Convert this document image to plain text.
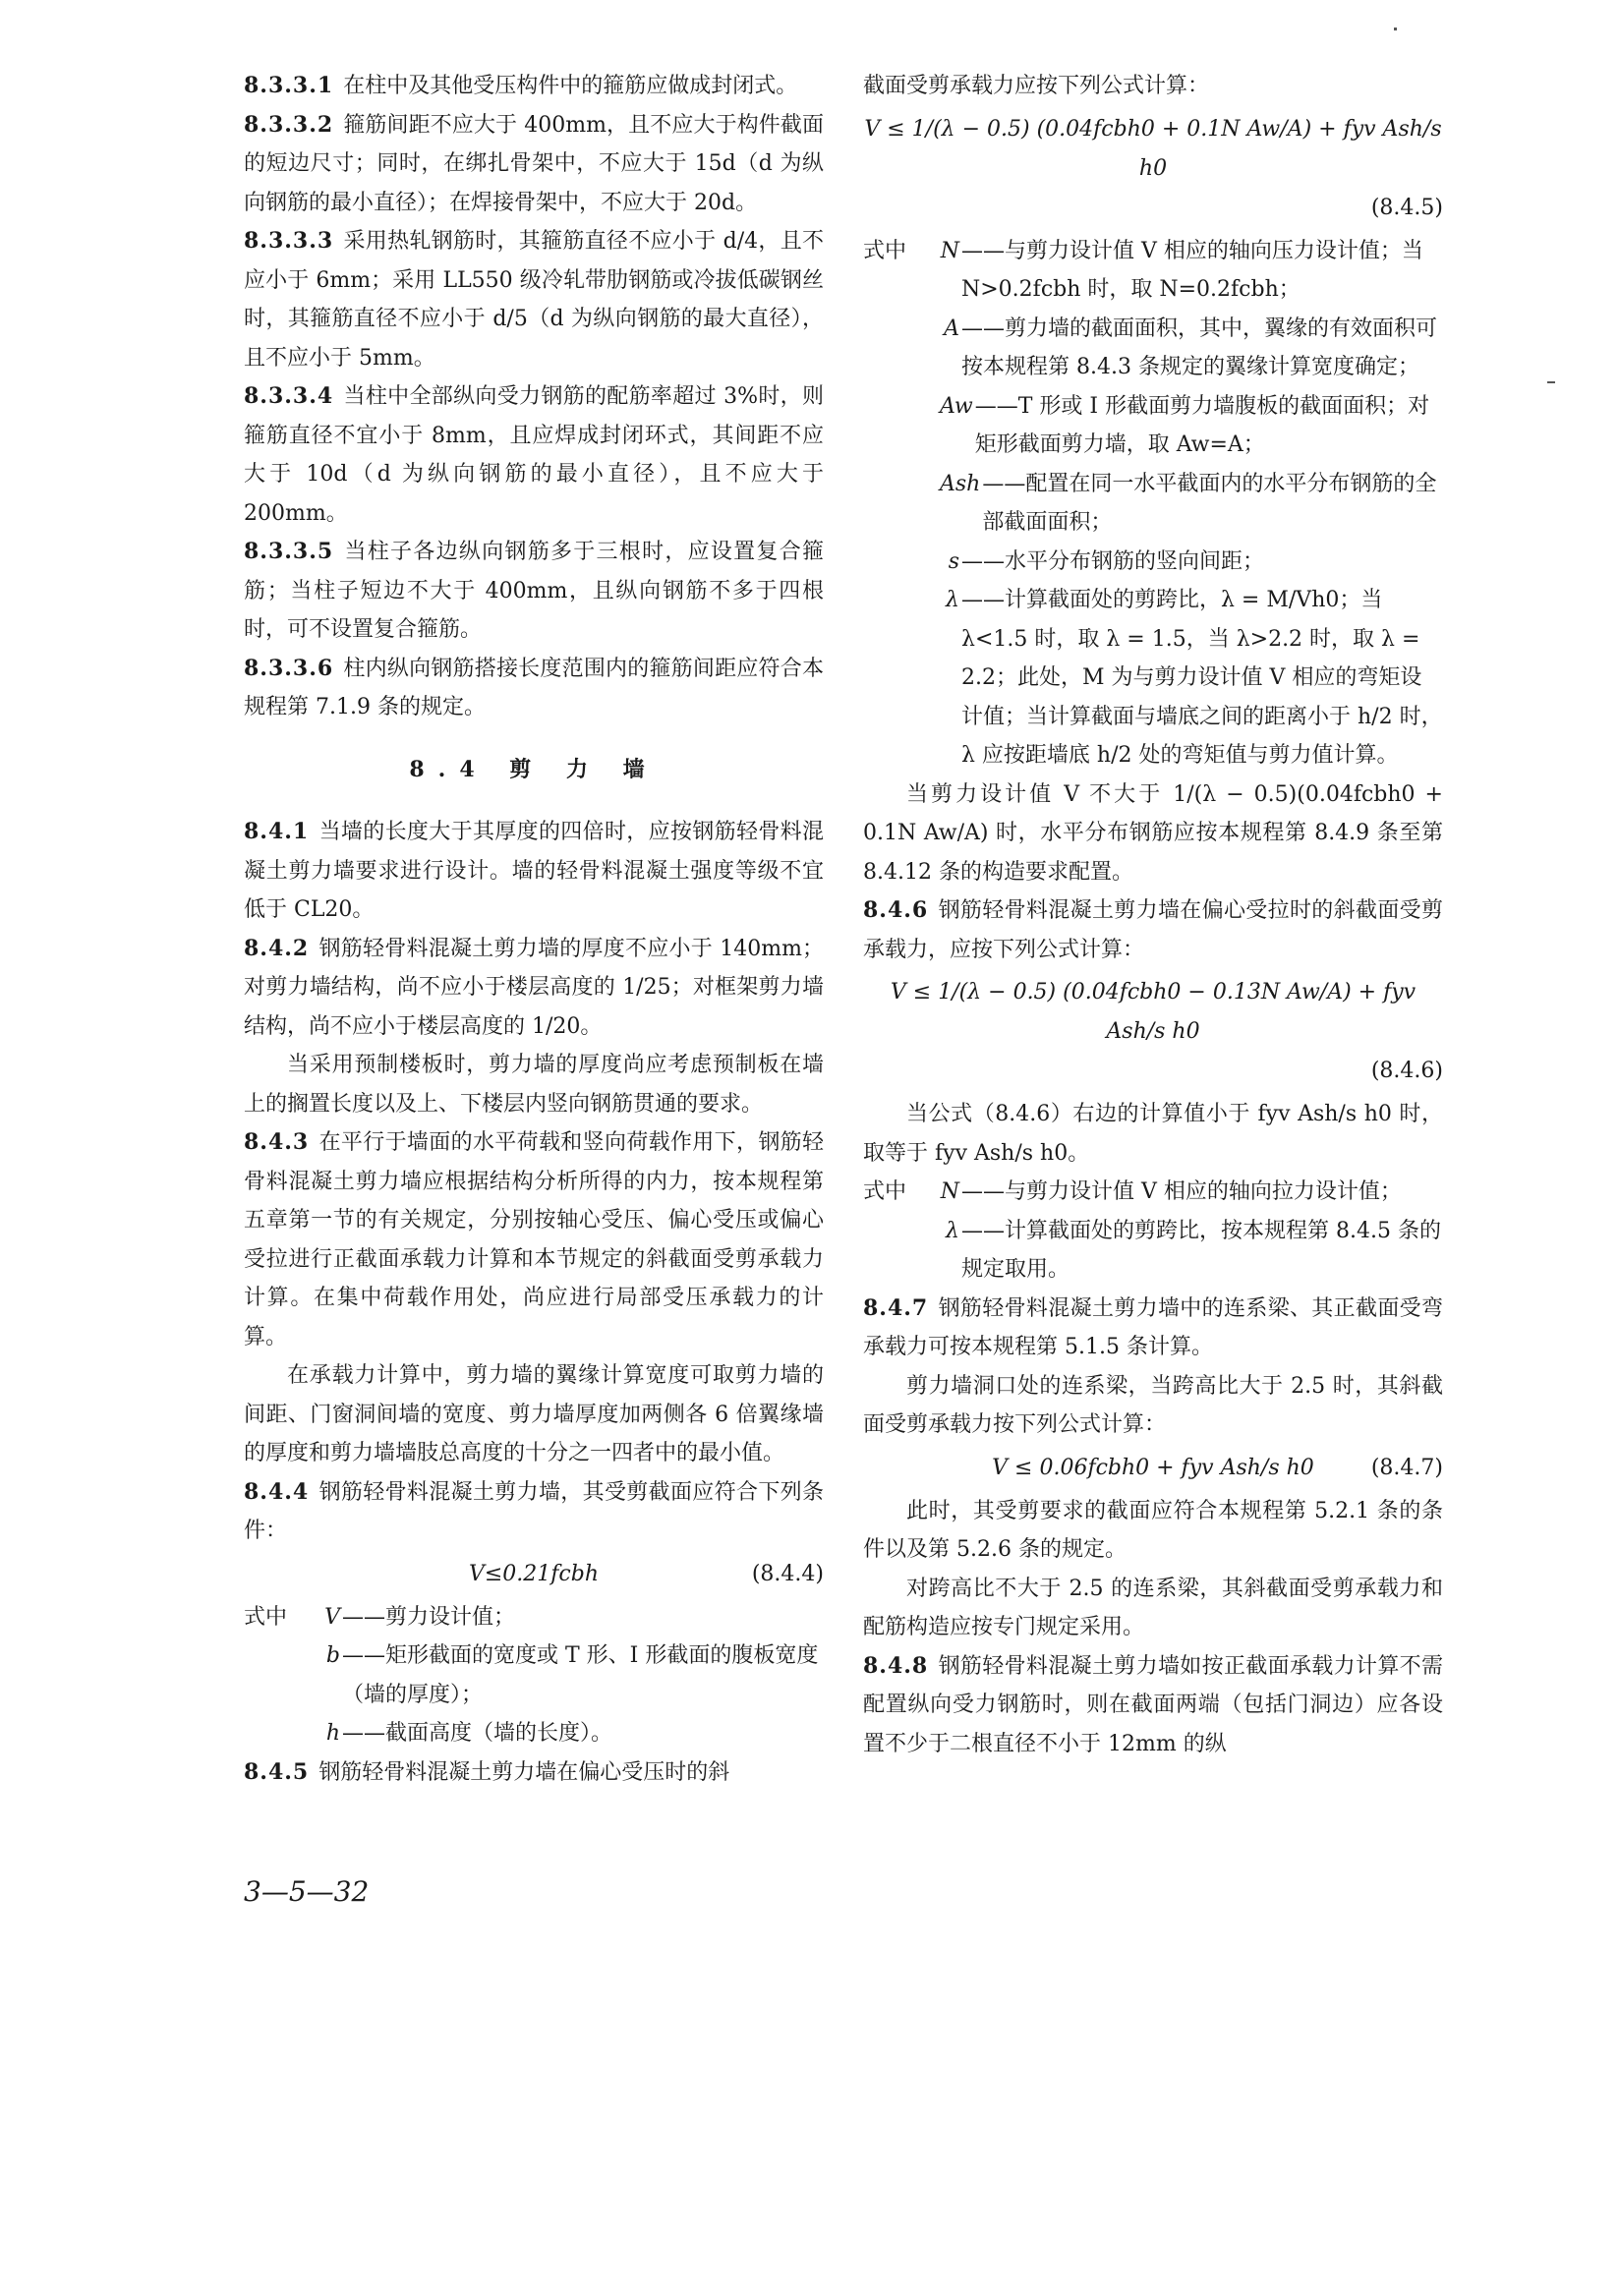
8.3.3.1 在柱中及其他受压构件中的箍筋应做成封闭式。

8.3.3.2 箍筋间距不应大于 400mm，且不应大于构件截面的短边尺寸；同时，在绑扎骨架中，不应大于 15d（d 为纵向钢筋的最小直径）；在焊接骨架中，不应大于 20d。

8.3.3.3 采用热轧钢筋时，其箍筋直径不应小于 d/4，且不应小于 6mm；采用 LL550 级冷轧带肋钢筋或冷拔低碳钢丝时，其箍筋直径不应小于 d/5（d 为纵向钢筋的最大直径），且不应小于 5mm。

8.3.3.4 当柱中全部纵向受力钢筋的配筋率超过 3%时，则箍筋直径不宜小于 8mm，且应焊成封闭环式，其间距不应大于 10d（d 为纵向钢筋的最小直径），且不应大于 200mm。

8.3.3.5 当柱子各边纵向钢筋多于三根时，应设置复合箍筋；当柱子短边不大于 400mm，且纵向钢筋不多于四根时，可不设置复合箍筋。

8.3.3.6 柱内纵向钢筋搭接长度范围内的箍筋间距应符合本规程第 7.1.9 条的规定。

8.4 剪 力 墙

8.4.1 当墙的长度大于其厚度的四倍时，应按钢筋轻骨料混凝土剪力墙要求进行设计。墙的轻骨料混凝土强度等级不宜低于 CL20。

8.4.2 钢筋轻骨料混凝土剪力墙的厚度不应小于 140mm；对剪力墙结构，尚不应小于楼层高度的 1/25；对框架剪力墙结构，尚不应小于楼层高度的 1/20。

当采用预制楼板时，剪力墙的厚度尚应考虑预制板在墙上的搁置长度以及上、下楼层内竖向钢筋贯通的要求。

8.4.3 在平行于墙面的水平荷载和竖向荷载作用下，钢筋轻骨料混凝土剪力墙应根据结构分析所得的内力，按本规程第五章第一节的有关规定，分别按轴心受压、偏心受压或偏心受拉进行正截面承载力计算和本节规定的斜截面受剪承载力计算。在集中荷载作用处，尚应进行局部受压承载力的计算。

在承载力计算中，剪力墙的翼缘计算宽度可取剪力墙的间距、门窗洞间墙的宽度、剪力墙厚度加两侧各 6 倍翼缘墙的厚度和剪力墙墙肢总高度的十分之一四者中的最小值。

8.4.4 钢筋轻骨料混凝土剪力墙，其受剪截面应符合下列条件：

V≤0.21fcbh	(8.4.4)
式中	V ——剪力设计值；
b ——矩形截面的宽度或 T 形、I 形截面的腹板宽度（墙的厚度）；
h ——截面高度（墙的长度）。

8.4.5 钢筋轻骨料混凝土剪力墙在偏心受压时的斜

3—5—32

截面受剪承载力应按下列公式计算：

V ≤ 1/(λ − 0.5) (0.04fcbh0 + 0.1N Aw/A) + fyv Ash/s h0
(8.4.5)
式中	N ——与剪力设计值 V 相应的轴向压力设计值；当 N>0.2fcbh 时，取 N=0.2fcbh；
A ——剪力墙的截面面积，其中，翼缘的有效面积可按本规程第 8.4.3 条规定的翼缘计算宽度确定；
Aw ——T 形或 I 形截面剪力墙腹板的截面面积；对矩形截面剪力墙，取 Aw=A；
Ash ——配置在同一水平截面内的水平分布钢筋的全部截面面积；
s ——水平分布钢筋的竖向间距；
λ ——计算截面处的剪跨比，λ = M/Vh0；当 λ<1.5 时，取 λ = 1.5，当 λ>2.2 时，取 λ = 2.2；此处，M 为与剪力设计值 V 相应的弯矩设计值；当计算截面与墙底之间的距离小于 h/2 时，λ 应按距墙底 h/2 处的弯矩值与剪力值计算。

当剪力设计值 V 不大于 1/(λ − 0.5)(0.04fcbh0 + 0.1N Aw/A) 时，水平分布钢筋应按本规程第 8.4.9 条至第 8.4.12 条的构造要求配置。

8.4.6 钢筋轻骨料混凝土剪力墙在偏心受拉时的斜截面受剪承载力，应按下列公式计算：

V ≤ 1/(λ − 0.5) (0.04fcbh0 − 0.13N Aw/A) + fyv Ash/s h0
(8.4.6)

当公式（8.4.6）右边的计算值小于 fyv Ash/s h0 时，取等于 fyv Ash/s h0。

式中	N ——与剪力设计值 V 相应的轴向拉力设计值；
λ ——计算截面处的剪跨比，按本规程第 8.4.5 条的规定取用。

8.4.7 钢筋轻骨料混凝土剪力墙中的连系梁、其正截面受弯承载力可按本规程第 5.1.5 条计算。

剪力墙洞口处的连系梁，当跨高比大于 2.5 时，其斜截面受剪承载力按下列公式计算：

V ≤ 0.06fcbh0 + fyv Ash/s h0	(8.4.7)

此时，其受剪要求的截面应符合本规程第 5.2.1 条的条件以及第 5.2.6 条的规定。

对跨高比不大于 2.5 的连系梁，其斜截面受剪承载力和配筋构造应按专门规定采用。

8.4.8 钢筋轻骨料混凝土剪力墙如按正截面承载力计算不需配置纵向受力钢筋时，则在截面两端（包括门洞边）应各设置不少于二根直径不小于 12mm 的纵
